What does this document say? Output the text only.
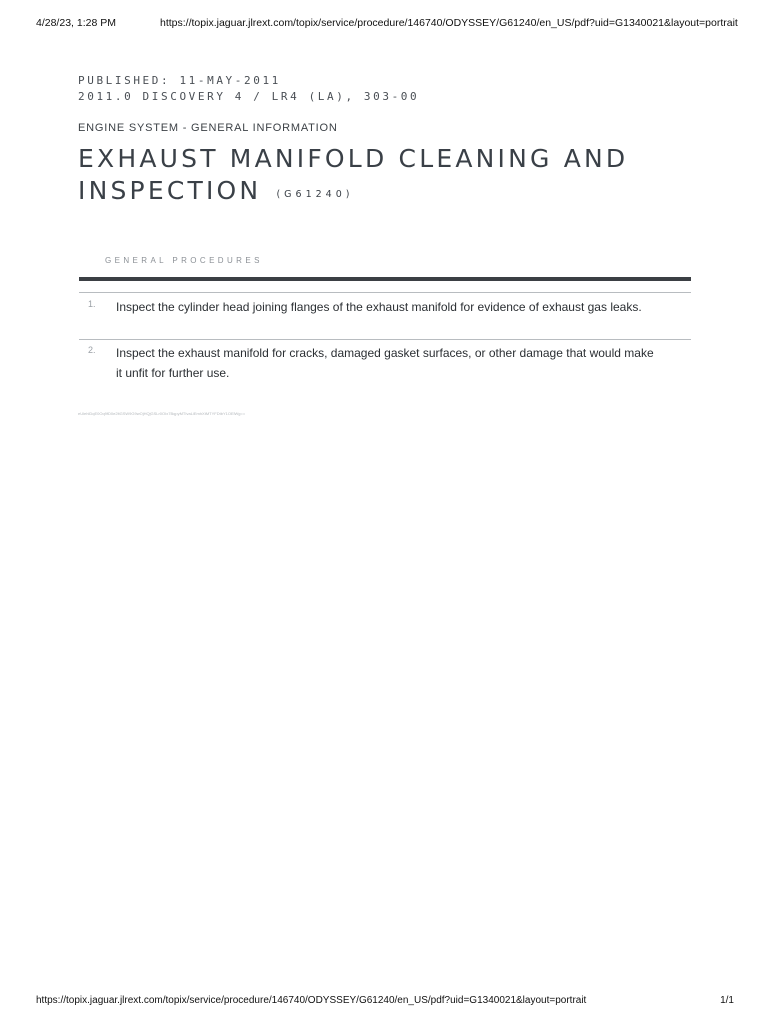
4/28/23, 1:28 PM	https://topix.jaguar.jlrext.com/topix/service/procedure/146740/ODYSSEY/G61240/en_US/pdf?uid=G1340021&layout=portrait
PUBLISHED: 11-MAY-2011
2011.0 DISCOVERY 4 / LR4 (LA), 303-00
ENGINE SYSTEM - GENERAL INFORMATION
EXHAUST MANIFOLD CLEANING AND INSPECTION (G61240)
GENERAL PROCEDURES
1. Inspect the cylinder head joining flanges of the exhaust manifold for evidence of exhaust gas leaks.
2. Inspect the exhaust manifold for cracks, damaged gasket surfaces, or other damage that would make it unfit for further use.
eUlehlDqE0Oq9fD0e2ltGSW9G9wOjHQjGSLr0OIx7BqpyMTIvaLiEmhXtMTYFDtbY1OElWg==
https://topix.jaguar.jlrext.com/topix/service/procedure/146740/ODYSSEY/G61240/en_US/pdf?uid=G1340021&layout=portrait	1/1
